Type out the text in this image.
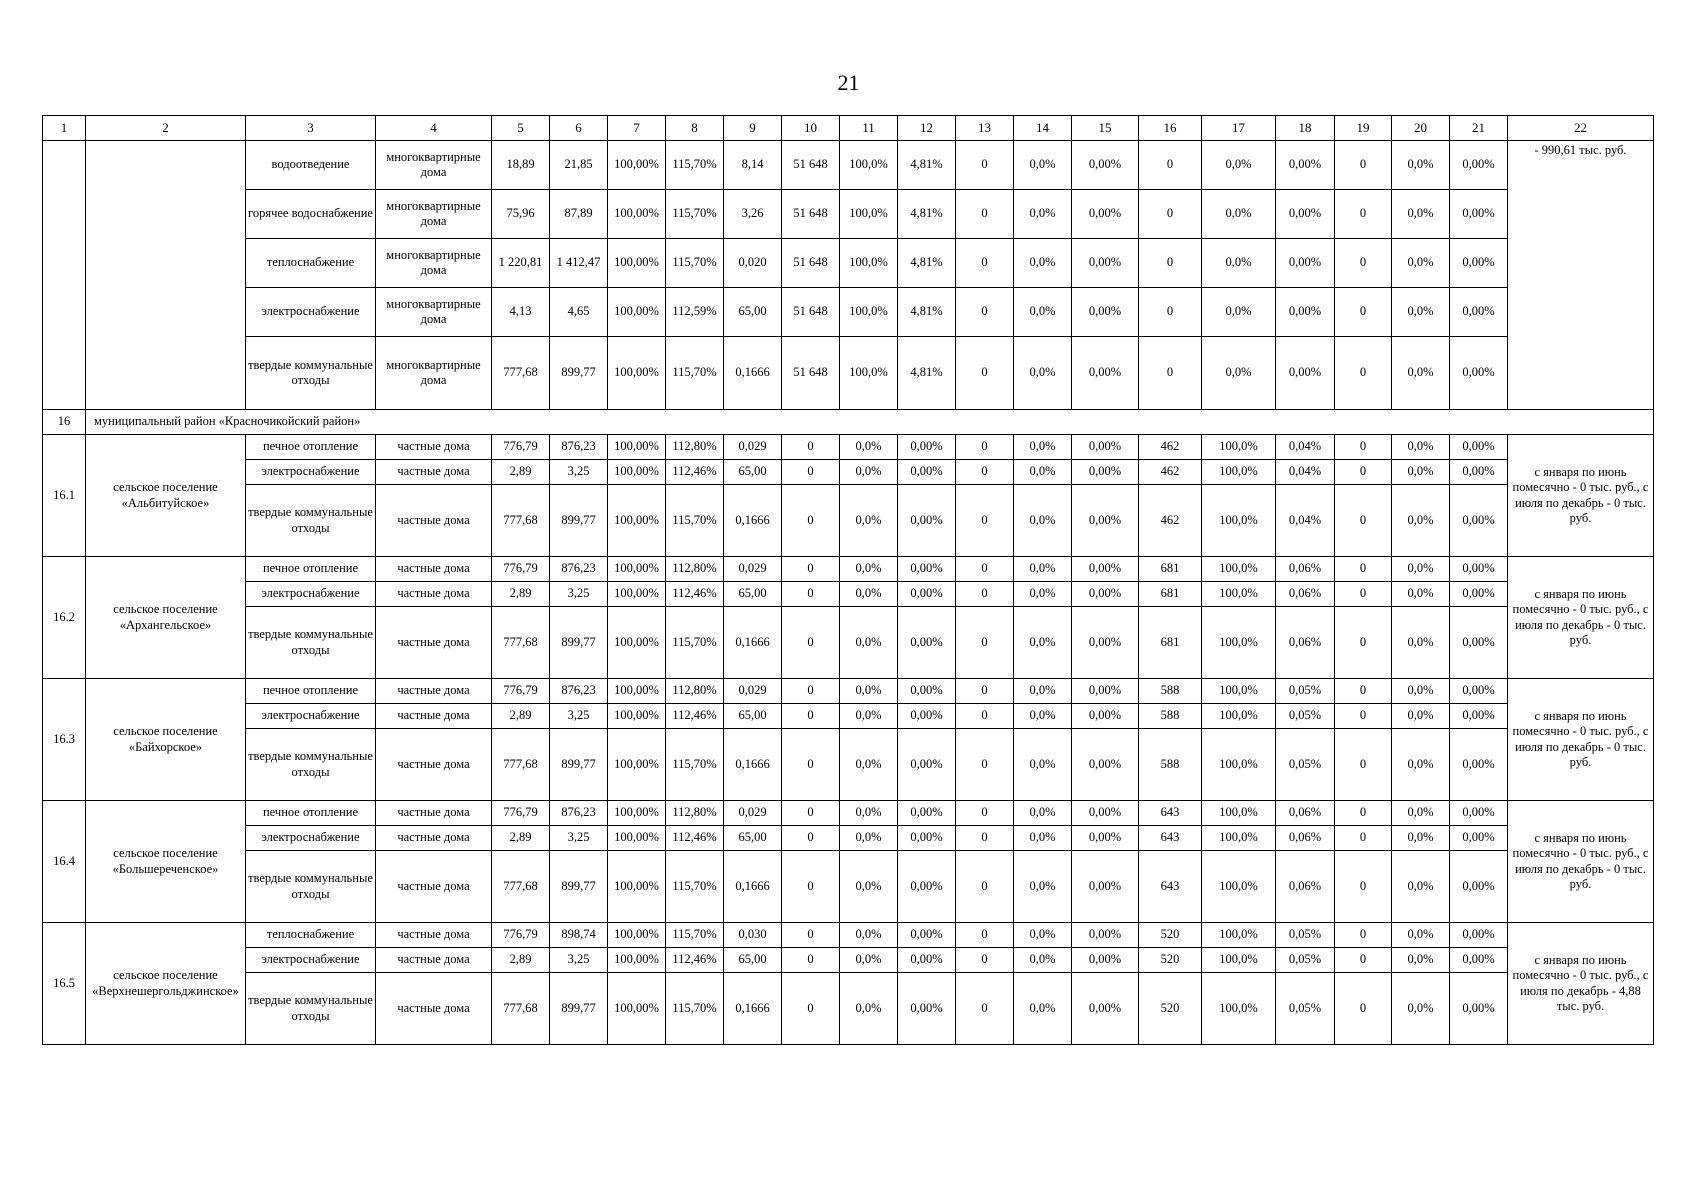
21
1	2	3	4	5	6	7	8	9	10	11	12	13	14	15	16	17	18	19	20	21	22
		водоотведение	многоквартирные дома	18,89	21,85	100,00%	115,70%	8,14	51 648	100,0%	4,81%	0	0,0%	0,00%	0	0,0%	0,00%	0	0,0%	0,00%	- 990,61 тыс. руб.
		горячее водоснабжение	многоквартирные дома	75,96	87,89	100,00%	115,70%	3,26	51 648	100,0%	4,81%	0	0,0%	0,00%	0	0,0%	0,00%	0	0,0%	0,00%	
		теплоснабжение	многоквартирные дома	1 220,81	1 412,47	100,00%	115,70%	0,020	51 648	100,0%	4,81%	0	0,0%	0,00%	0	0,0%	0,00%	0	0,0%	0,00%	
		электроснабжение	многоквартирные дома	4,13	4,65	100,00%	112,59%	65,00	51 648	100,0%	4,81%	0	0,0%	0,00%	0	0,0%	0,00%	0	0,0%	0,00%	
		твердые коммунальные отходы	многоквартирные дома	777,68	899,77	100,00%	115,70%	0,1666	51 648	100,0%	4,81%	0	0,0%	0,00%	0	0,0%	0,00%	0	0,0%	0,00%	
16	муниципальный район «Красночикойский район»																				
16.1	сельское поселение «Альбитуйское»	печное отопление	частные дома	776,79	876,23	100,00%	112,80%	0,029	0	0,0%	0,00%	0	0,0%	0,00%	462	100,0%	0,04%	0	0,0%	0,00%	с января по июнь помесячно - 0 тыс. руб., с июля по декабрь - 0 тыс. руб.
		электроснабжение	частные дома	2,89	3,25	100,00%	112,46%	65,00	0	0,0%	0,00%	0	0,0%	0,00%	462	100,0%	0,04%	0	0,0%	0,00%	
		твердые коммунальные отходы	частные дома	777,68	899,77	100,00%	115,70%	0,1666	0	0,0%	0,00%	0	0,0%	0,00%	462	100,0%	0,04%	0	0,0%	0,00%	
16.2	сельское поселение «Архангельское»	печное отопление	частные дома	776,79	876,23	100,00%	112,80%	0,029	0	0,0%	0,00%	0	0,0%	0,00%	681	100,0%	0,06%	0	0,0%	0,00%	с января по июнь помесячно - 0 тыс. руб., с июля по декабрь - 0 тыс. руб.
		электроснабжение	частные дома	2,89	3,25	100,00%	112,46%	65,00	0	0,0%	0,00%	0	0,0%	0,00%	681	100,0%	0,06%	0	0,0%	0,00%	
		твердые коммунальные отходы	частные дома	777,68	899,77	100,00%	115,70%	0,1666	0	0,0%	0,00%	0	0,0%	0,00%	681	100,0%	0,06%	0	0,0%	0,00%	
16.3	сельское поселение «Байхорское»	печное отопление	частные дома	776,79	876,23	100,00%	112,80%	0,029	0	0,0%	0,00%	0	0,0%	0,00%	588	100,0%	0,05%	0	0,0%	0,00%	с января по июнь помесячно - 0 тыс. руб., с июля по декабрь - 0 тыс. руб.
		электроснабжение	частные дома	2,89	3,25	100,00%	112,46%	65,00	0	0,0%	0,00%	0	0,0%	0,00%	588	100,0%	0,05%	0	0,0%	0,00%	
		твердые коммунальные отходы	частные дома	777,68	899,77	100,00%	115,70%	0,1666	0	0,0%	0,00%	0	0,0%	0,00%	588	100,0%	0,05%	0	0,0%	0,00%	
16.4	сельское поселение «Большереченское»	печное отопление	частные дома	776,79	876,23	100,00%	112,80%	0,029	0	0,0%	0,00%	0	0,0%	0,00%	643	100,0%	0,06%	0	0,0%	0,00%	с января по июнь помесячно - 0 тыс. руб., с июля по декабрь - 0 тыс. руб.
		электроснабжение	частные дома	2,89	3,25	100,00%	112,46%	65,00	0	0,0%	0,00%	0	0,0%	0,00%	643	100,0%	0,06%	0	0,0%	0,00%	
		твердые коммунальные отходы	частные дома	777,68	899,77	100,00%	115,70%	0,1666	0	0,0%	0,00%	0	0,0%	0,00%	643	100,0%	0,06%	0	0,0%	0,00%	
16.5	сельское поселение «Верхнешергольджинское»	теплоснабжение	частные дома	776,79	898,74	100,00%	115,70%	0,030	0	0,0%	0,00%	0	0,0%	0,00%	520	100,0%	0,05%	0	0,0%	0,00%	с января по июнь помесячно - 0 тыс. руб., с июля по декабрь - 4,88 тыс. руб.
		электроснабжение	частные дома	2,89	3,25	100,00%	112,46%	65,00	0	0,0%	0,00%	0	0,0%	0,00%	520	100,0%	0,05%	0	0,0%	0,00%	
		твердые коммунальные отходы	частные дома	777,68	899,77	100,00%	115,70%	0,1666	0	0,0%	0,00%	0	0,0%	0,00%	520	100,0%	0,05%	0	0,0%	0,00%	
